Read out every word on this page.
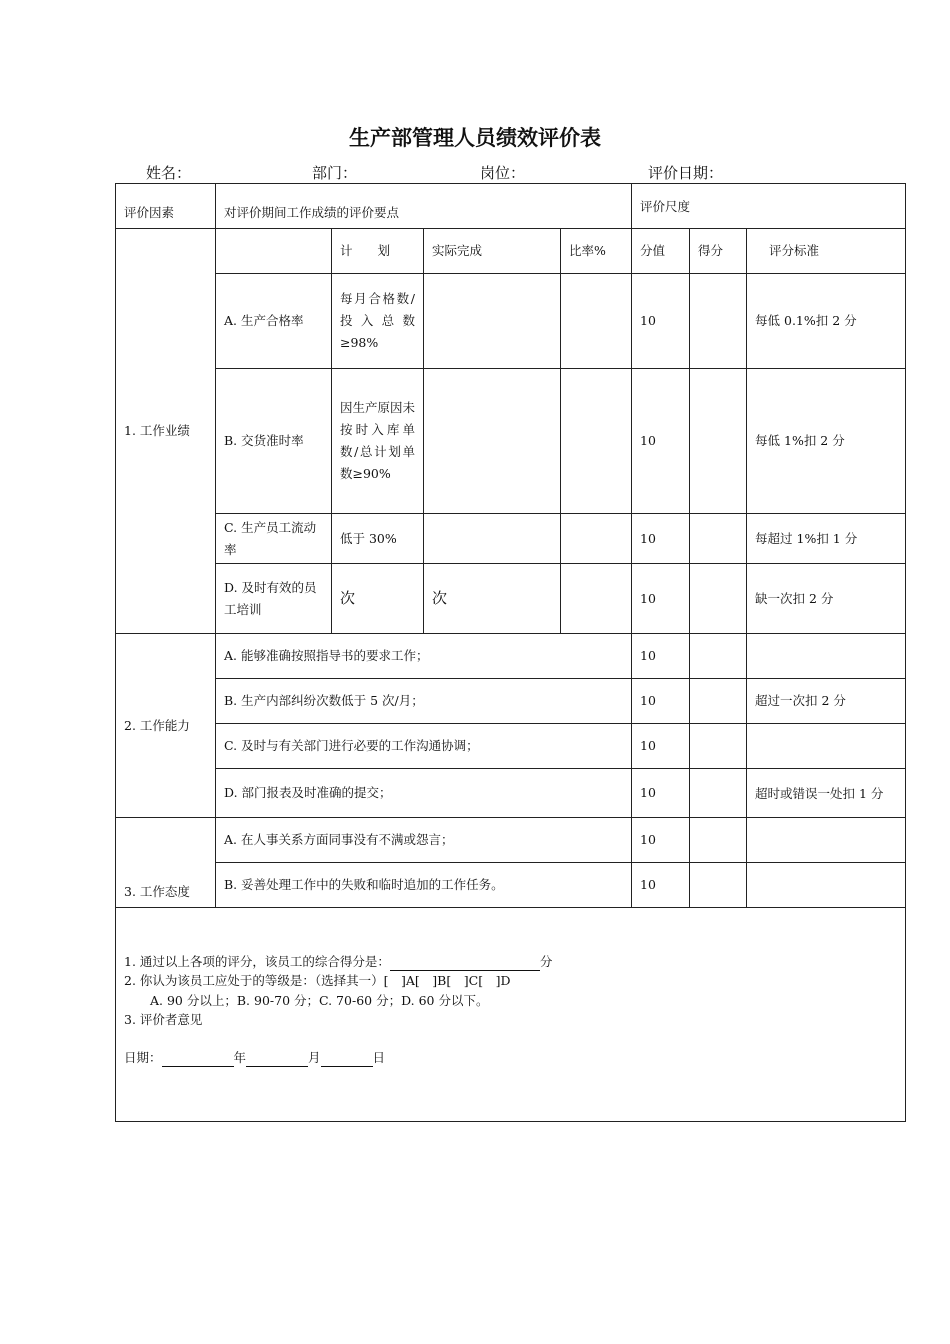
生产部管理人员绩效评价表
姓名：	部门：	岗位：	评价日期：
评价因素	对评价期间工作成绩的评价要点				评价尺度		
1. 工作业绩		计　　划	实际完成	比率%	分值	得分	评分标准
	A. 生产合格率	每月合格数/投入总数≥98%			10		每低 0.1%扣 2 分
	B. 交货准时率	因生产原因未按时入库单数/总计划单数≥90%			10		每低 1%扣 2 分
	C. 生产员工流动率	低于 30%			10		每超过 1%扣 1 分
	D. 及时有效的员工培训	次	次		10		缺一次扣 2 分
2. 工作能力	A. 能够准确按照指导书的要求工作；				10		
	B. 生产内部纠纷次数低于 5 次/月；				10		超过一次扣 2 分
	C. 及时与有关部门进行必要的工作沟通协调；				10		
	D. 部门报表及时准确的提交；				10		超时或错误一处扣 1 分
3. 工作态度	A. 在人事关系方面同事没有不满或怨言；				10		
	B. 妥善处理工作中的失败和临时追加的工作任务。				10		

1. 通过以上各项的评分，该员工的综合得分是： 分
2. 你认为该员工应处于的等级是：（选择其一）[　]A[　]B[　]C[　]D
A. 90 分以上；B. 90-70 分；C. 70-60 分；D. 60 分以下。
3. 评价者意见
日期： 年 月 日							
